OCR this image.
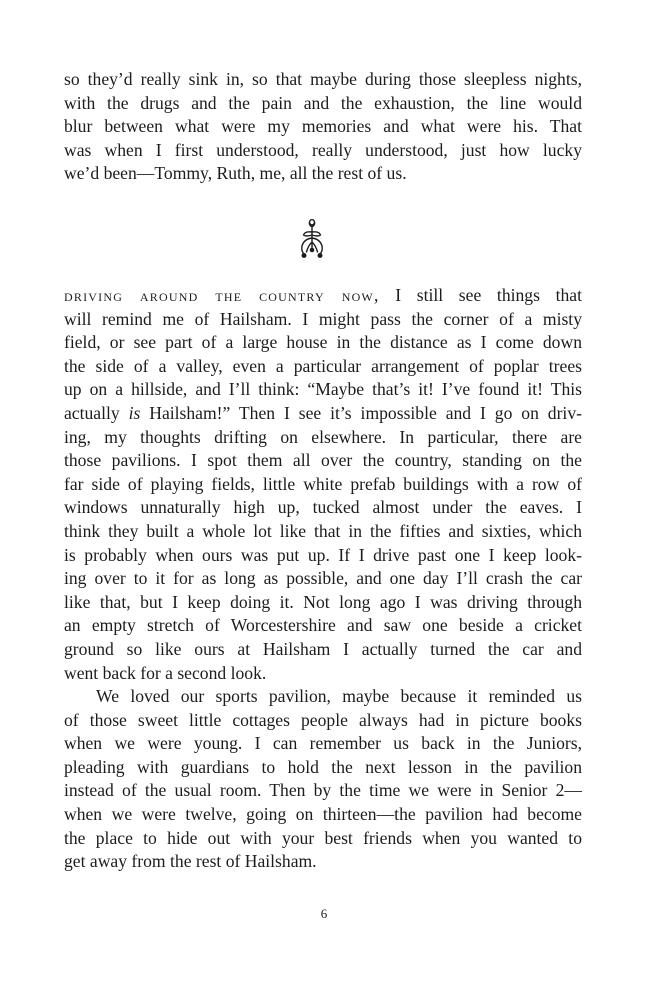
so they’d really sink in, so that maybe during those sleepless nights,
with the drugs and the pain and the exhaustion, the line would
blur between what were my memories and what were his. That
was when I first understood, really understood, just how lucky
we’d been—Tommy, Ruth, me, all the rest of us.

driving around the country now, I still see things that
will remind me of Hailsham. I might pass the corner of a misty
field, or see part of a large house in the distance as I come down
the side of a valley, even a particular arrangement of poplar trees
up on a hillside, and I’ll think: “Maybe that’s it! I’ve found it! This
actually is Hailsham!” Then I see it’s impossible and I go on driv-
ing, my thoughts drifting on elsewhere. In particular, there are
those pavilions. I spot them all over the country, standing on the
far side of playing fields, little white prefab buildings with a row of
windows unnaturally high up, tucked almost under the eaves. I
think they built a whole lot like that in the fifties and sixties, which
is probably when ours was put up. If I drive past one I keep look-
ing over to it for as long as possible, and one day I’ll crash the car
like that, but I keep doing it. Not long ago I was driving through
an empty stretch of Worcestershire and saw one beside a cricket
ground so like ours at Hailsham I actually turned the car and
went back for a second look.

We loved our sports pavilion, maybe because it reminded us
of those sweet little cottages people always had in picture books
when we were young. I can remember us back in the Juniors,
pleading with guardians to hold the next lesson in the pavilion
instead of the usual room. Then by the time we were in Senior 2—
when we were twelve, going on thirteen—the pavilion had become
the place to hide out with your best friends when you wanted to
get away from the rest of Hailsham.

6
